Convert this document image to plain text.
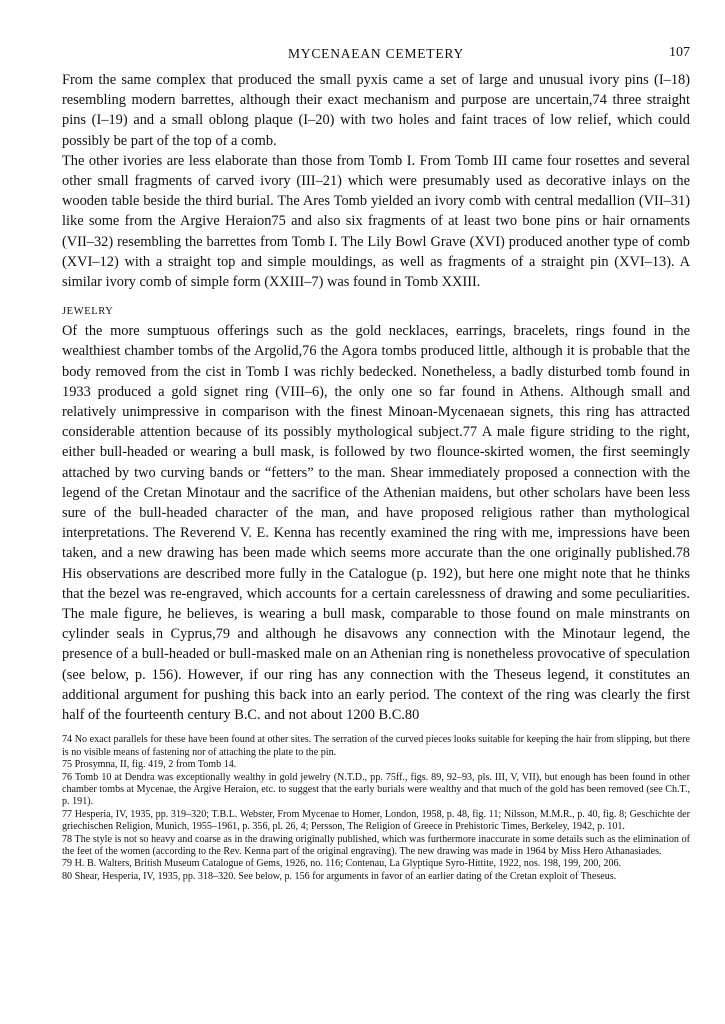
MYCENAEAN CEMETERY	107

From the same complex that produced the small pyxis came a set of large and unusual ivory pins (I–18) resembling modern barrettes, although their exact mechanism and purpose are uncertain,74 three straight pins (I–19) and a small oblong plaque (I–20) with two holes and faint traces of low relief, which could possibly be part of the top of a comb.

The other ivories are less elaborate than those from Tomb I. From Tomb III came four rosettes and several other small fragments of carved ivory (III–21) which were presumably used as decorative inlays on the wooden table beside the third burial. The Ares Tomb yielded an ivory comb with central medallion (VII–31) like some from the Argive Heraion75 and also six fragments of at least two bone pins or hair ornaments (VII–32) resembling the barrettes from Tomb I. The Lily Bowl Grave (XVI) produced another type of comb (XVI–12) with a straight top and simple mouldings, as well as fragments of a straight pin (XVI–13). A similar ivory comb of simple form (XXIII–7) was found in Tomb XXIII.

JEWELRY

Of the more sumptuous offerings such as the gold necklaces, earrings, bracelets, rings found in the wealthiest chamber tombs of the Argolid,76 the Agora tombs produced little, although it is probable that the body removed from the cist in Tomb I was richly bedecked. Nonetheless, a badly disturbed tomb found in 1933 produced a gold signet ring (VIII–6), the only one so far found in Athens. Although small and relatively unimpressive in comparison with the finest Minoan-Mycenaean signets, this ring has attracted considerable attention because of its possibly mythological subject.77 A male figure striding to the right, either bull-headed or wearing a bull mask, is followed by two flounce-skirted women, the first seemingly attached by two curving bands or “fetters” to the man. Shear immediately proposed a connection with the legend of the Cretan Minotaur and the sacrifice of the Athenian maidens, but other scholars have been less sure of the bull-headed character of the man, and have proposed religious rather than mythological interpretations. The Reverend V. E. Kenna has recently examined the ring with me, impressions have been taken, and a new drawing has been made which seems more accurate than the one originally published.78 His observations are described more fully in the Catalogue (p. 192), but here one might note that he thinks that the bezel was re-engraved, which accounts for a certain carelessness of drawing and some peculiarities. The male figure, he believes, is wearing a bull mask, comparable to those found on male minstrants on cylinder seals in Cyprus,79 and although he disavows any connection with the Minotaur legend, the presence of a bull-headed or bull-masked male on an Athenian ring is nonetheless provocative of speculation (see below, p. 156). However, if our ring has any connection with the Theseus legend, it constitutes an additional argument for pushing this back into an early period. The context of the ring was clearly the first half of the fourteenth century B.C. and not about 1200 B.C.80

74 No exact parallels for these have been found at other sites. The serration of the curved pieces looks suitable for keeping the hair from slipping, but there is no visible means of fastening nor of attaching the plate to the pin.

75 Prosymna, II, fig. 419, 2 from Tomb 14.

76 Tomb 10 at Dendra was exceptionally wealthy in gold jewelry (N.T.D., pp. 75ff., figs. 89, 92–93, pls. III, V, VII), but enough has been found in other chamber tombs at Mycenae, the Argive Heraion, etc. to suggest that the early burials were wealthy and that much of the gold has been removed (see Ch.T., p. 191).

77 Hesperia, IV, 1935, pp. 319–320; T.B.L. Webster, From Mycenae to Homer, London, 1958, p. 48, fig. 11; Nilsson, M.M.R., p. 40, fig. 8; Geschichte der griechischen Religion, Munich, 1955–1961, p. 356, pl. 26, 4; Persson, The Religion of Greece in Prehistoric Times, Berkeley, 1942, p. 101.

78 The style is not so heavy and coarse as in the drawing originally published, which was furthermore inaccurate in some details such as the elimination of the feet of the women (according to the Rev. Kenna part of the original engraving). The new drawing was made in 1964 by Miss Hero Athanasiades.

79 H. B. Walters, British Museum Catalogue of Gems, 1926, no. 116; Contenau, La Glyptique Syro-Hittite, 1922, nos. 198, 199, 200, 206.

80 Shear, Hesperia, IV, 1935, pp. 318–320. See below, p. 156 for arguments in favor of an earlier dating of the Cretan exploit of Theseus.
